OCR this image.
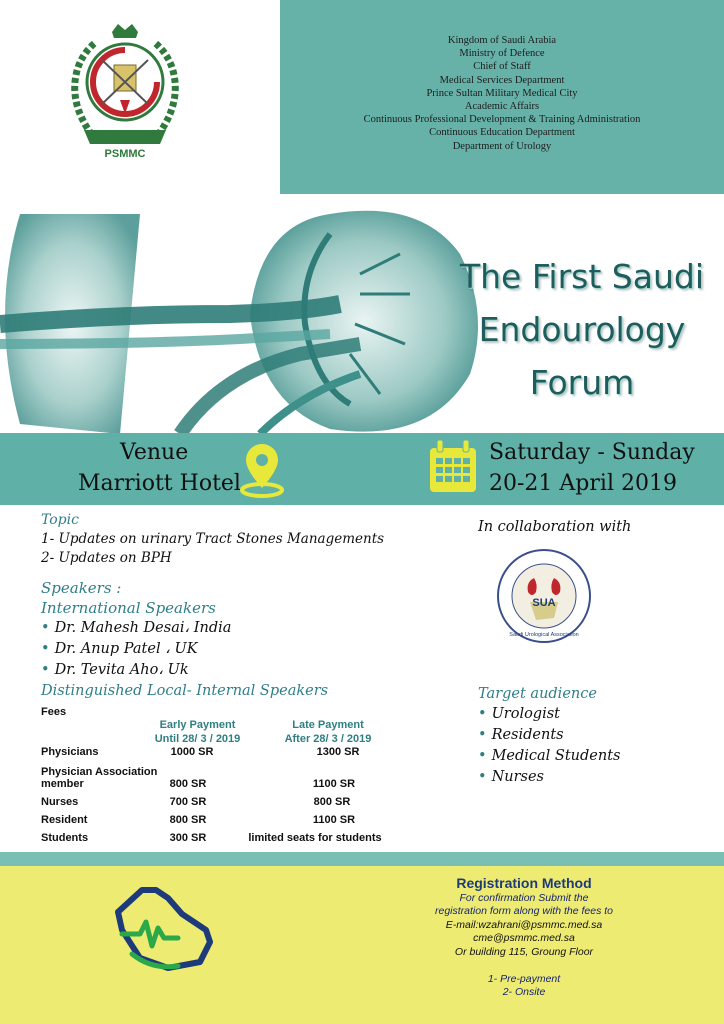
Kingdom of Saudi Arabia
Ministry of Defence
Chief of Staff
Medical Services Department
Prince Sultan Military Medical City
Academic Affairs
Continuous Professional Development & Training Administration
Continuous Education Department
Department of Urology
PSMMC
The First Saudi
Endourology
Forum
Venue
Marriott Hotel
Saturday - Sunday
20-21 April 2019
Topic
1- Updates on urinary Tract Stones Managements
2- Updates on BPH
Speakers :
International Speakers
• Dr. Mahesh Desai، India
• Dr. Anup Patel ، UK
• Dr. Tevita Aho، Uk
Distinguished Local- Internal Speakers
Fees
Early Payment
Until 28/ 3 / 2019
Late Payment
After 28/ 3 / 2019
Physicians	1000 SR	1300 SR
Physician Association
member	800 SR	1100 SR
Nurses	700 SR	800 SR
Resident	800 SR	1100 SR
Students	300 SR	limited seats for students
In collaboration with
SUA
Saudi Urological Association
Target audience
• Urologist
• Residents
• Medical Students
• Nurses
Registration Method
For confirmation Submit the
registration form along with the fees to
E-mail:wzahrani@psmmc.med.sa
cme@psmmc.med.sa
Or building 115, Groung Floor
1- Pre-payment
2- Onsite
